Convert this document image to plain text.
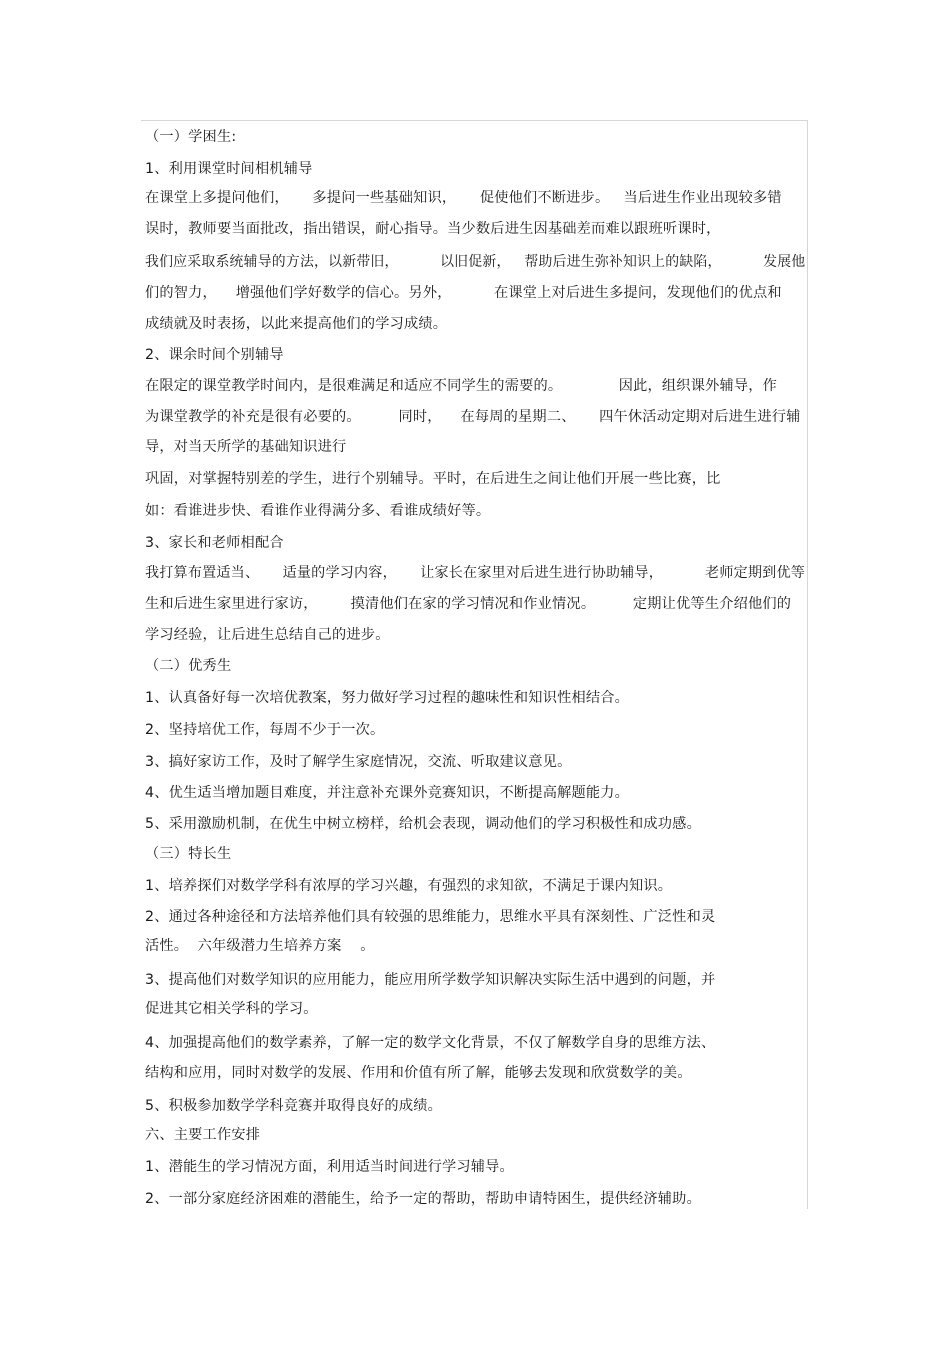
（一）学困生:
1、利用课堂时间相机辅导
在课堂上多提问他们，     多提问一些基础知识，     促使他们不断进步。   当后进生作业出现较多错
误时，教师要当面批改，指出错误，耐心指导。当少数后进生因基础差而难以跟班听课时，
我们应采取系统辅导的方法，以新带旧，         以旧促新，   帮助后进生弥补知识上的缺陷，         发展他
们的智力，    增强他们学好数学的信心。另外，         在课堂上对后进生多提问，发现他们的优点和
成绩就及时表扬，以此来提高他们的学习成绩。
2、课余时间个别辅导
在限定的课堂教学时间内，是很难满足和适应不同学生的需要的。            因此，组织课外辅导，作
为课堂教学的补充是很有必要的。        同时，    在每周的星期二、     四午休活动定期对后进生进行辅
导，对当天所学的基础知识进行
巩固，对掌握特别差的学生，进行个别辅导。平时，在后进生之间让他们开展一些比赛，比
如：看谁进步快、看谁作业得满分多、看谁成绩好等。
3、家长和老师相配合
我打算布置适当、     适量的学习内容，     让家长在家里对后进生进行协助辅导，         老师定期到优等
生和后进生家里进行家访，       摸清他们在家的学习情况和作业情况。        定期让优等生介绍他们的
学习经验，让后进生总结自己的进步。
（二）优秀生
1、认真备好每一次培优教案，努力做好学习过程的趣味性和知识性相结合。
2、坚持培优工作，每周不少于一次。
3、搞好家访工作，及时了解学生家庭情况，交流、听取建议意见。
4、优生适当增加题目难度，并注意补充课外竞赛知识，不断提高解题能力。
5、采用激励机制，在优生中树立榜样，给机会表现，调动他们的学习积极性和成功感。
（三）特长生
1、培养探们对数学学科有浓厚的学习兴趣，有强烈的求知欲，不满足于课内知识。
2、通过各种途径和方法培养他们具有较强的思维能力，思维水平具有深刻性、广泛性和灵
活性。  六年级潜力生培养方案    。
3、提高他们对数学知识的应用能力，能应用所学数学知识解决实际生活中遇到的问题，并
促进其它相关学科的学习。
4、加强提高他们的数学素养，了解一定的数学文化背景，不仅了解数学自身的思维方法、
结构和应用，同时对数学的发展、作用和价值有所了解，能够去发现和欣赏数学的美。
5、积极参加数学学科竞赛并取得良好的成绩。
六、主要工作安排
1、潜能生的学习情况方面，利用适当时间进行学习辅导。
2、一部分家庭经济困难的潜能生，给予一定的帮助，帮助申请特困生，提供经济辅助。
